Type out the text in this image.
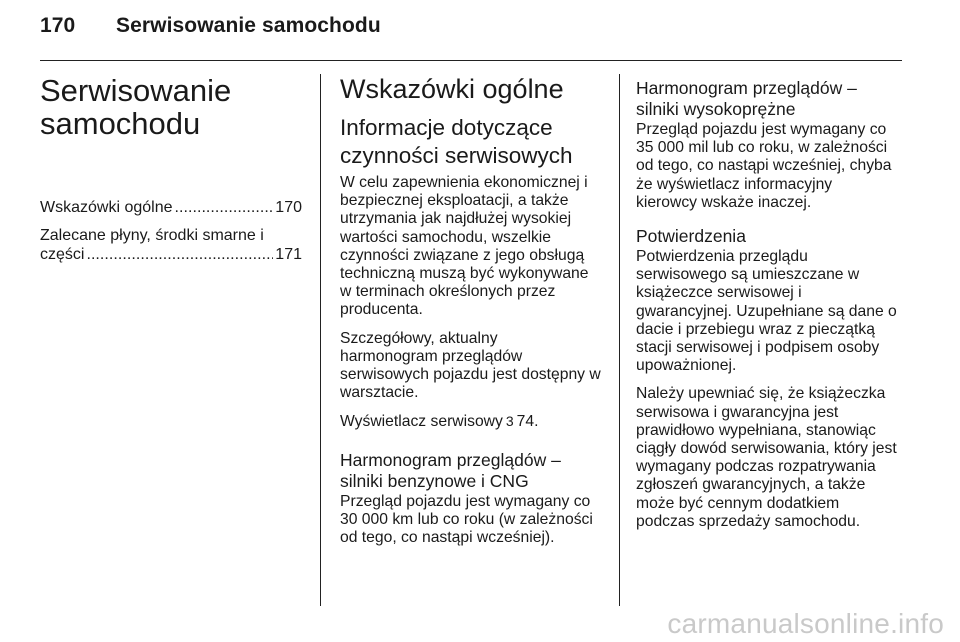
170 Serwisowanie samochodu
Serwisowanie
samochodu
Wskazówki ogólne . . .	170
Zalecane płyny, środki smarne i
części . . .	171
Wskazówki ogólne
Informacje dotyczące
czynności serwisowych
W celu zapewnienia ekonomicznej i
bezpiecznej eksploatacji, a także
utrzymania jak najdłużej wysokiej
wartości samochodu, wszelkie
czynności związane z jego obsługą
techniczną muszą być wykonywane
w terminach określonych przez
producenta.
Szczegółowy, aktualny
harmonogram przeglądów
serwisowych pojazdu jest dostępny w
warsztacie.
Wyświetlacz serwisowy 3 74.
Harmonogram przeglądów –
silniki benzynowe i CNG
Przegląd pojazdu jest wymagany co
30 000 km lub co roku (w zależności
od tego, co nastąpi wcześniej).
Harmonogram przeglądów –
silniki wysokoprężne
Przegląd pojazdu jest wymagany co
35 000 mil lub co roku, w zależności
od tego, co nastąpi wcześniej, chyba
że wyświetlacz informacyjny
kierowcy wskaże inaczej.
Potwierdzenia
Potwierdzenia przeglądu
serwisowego są umieszczane w
książeczce serwisowej i
gwarancyjnej. Uzupełniane są dane o
dacie i przebiegu wraz z pieczątką
stacji serwisowej i podpisem osoby
upoważnionej.
Należy upewniać się, że książeczka
serwisowa i gwarancyjna jest
prawidłowo wypełniana, stanowiąc
ciągły dowód serwisowania, który jest
wymagany podczas rozpatrywania
zgłoszeń gwarancyjnych, a także
może być cennym dodatkiem
podczas sprzedaży samochodu.
carmanualsonline.info
